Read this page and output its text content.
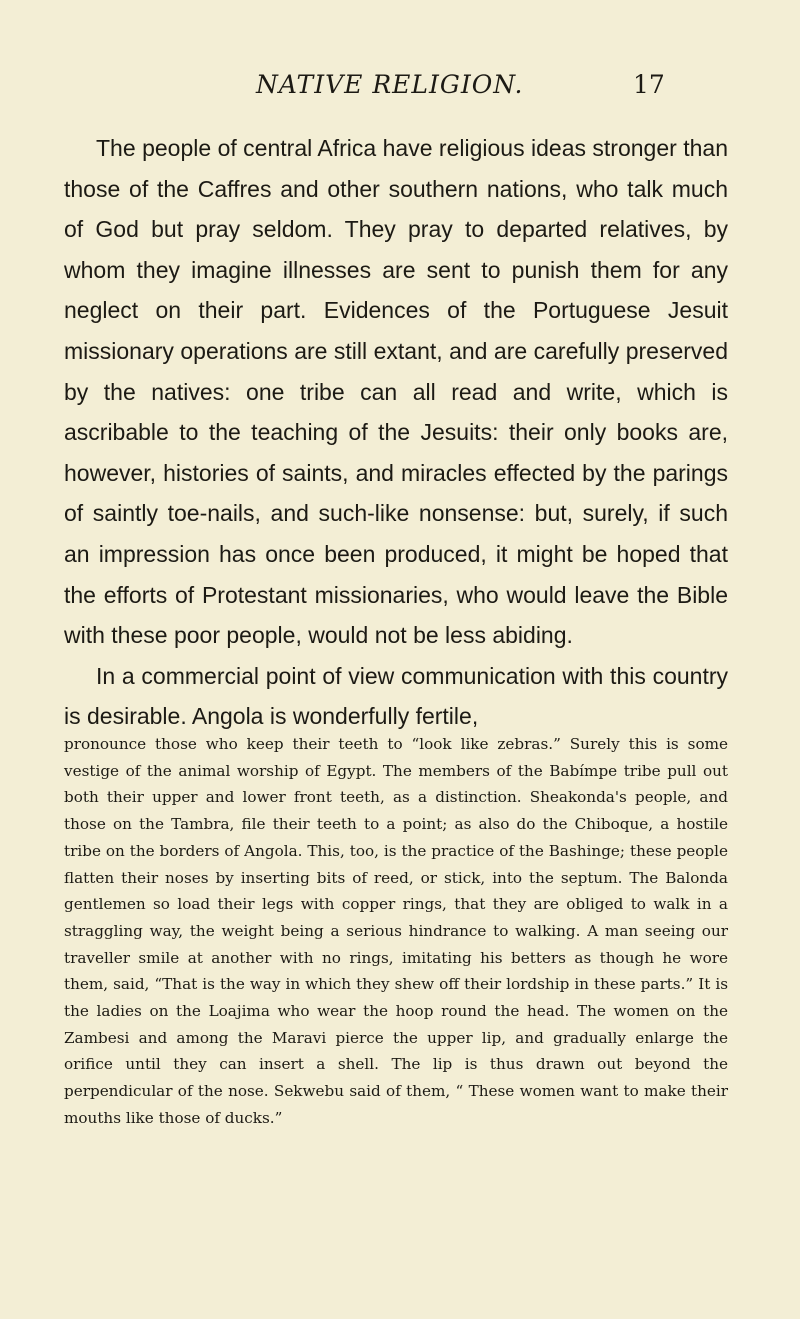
NATIVE RELIGION.	17

The people of central Africa have religious ideas stronger than those of the Caffres and other southern nations, who talk much of God but pray seldom. They pray to departed relatives, by whom they imagine illnesses are sent to punish them for any neglect on their part. Evidences of the Portuguese Jesuit missionary operations are still extant, and are carefully preserved by the natives: one tribe can all read and write, which is ascribable to the teaching of the Jesuits: their only books are, however, histories of saints, and miracles effected by the parings of saintly toe-nails, and such-like nonsense: but, surely, if such an impression has once been produced, it might be hoped that the efforts of Protestant missionaries, who would leave the Bible with these poor people, would not be less abiding.

In a commercial point of view communication with this country is desirable. Angola is wonderfully fertile,

pronounce those who keep their teeth to “look like zebras.” Surely this is some vestige of the animal worship of Egypt. The members of the Babímpe tribe pull out both their upper and lower front teeth, as a distinction. Sheakonda's people, and those on the Tambra, file their teeth to a point; as also do the Chiboque, a hostile tribe on the borders of Angola. This, too, is the practice of the Bashinge; these people flatten their noses by inserting bits of reed, or stick, into the septum. The Balonda gentlemen so load their legs with copper rings, that they are obliged to walk in a straggling way, the weight being a serious hindrance to walking. A man seeing our traveller smile at another with no rings, imitating his betters as though he wore them, said, “That is the way in which they shew off their lordship in these parts.” It is the ladies on the Loajima who wear the hoop round the head. The women on the Zambesi and among the Maravi pierce the upper lip, and gradually enlarge the orifice until they can insert a shell. The lip is thus drawn out beyond the perpendicular of the nose. Sekwebu said of them, “ These women want to make their mouths like those of ducks.”
